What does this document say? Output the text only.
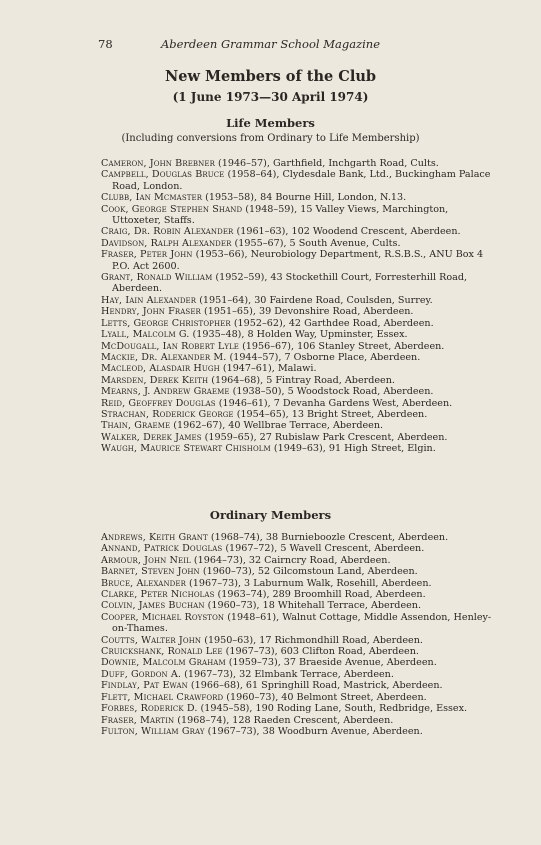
78	Aberdeen Grammar School Magazine
New Members of the Club
(1 June 1973—30 April 1974)
Life Members
(Including conversions from Ordinary to Life Membership)
Cameron, John Brebner (1946–57), Garthfield, Inchgarth Road, Cults.
Campbell, Douglas Bruce (1958–64), Clydesdale Bank, Ltd., Buckingham Palace
Road, London.
Clubb, Ian Mcmaster (1953–58), 84 Bourne Hill, London, N.13.
Cook, George Stephen Shand (1948–59), 15 Valley Views, Marchington,
Uttoxeter, Staffs.
Craig, Dr. Robin Alexander (1961–63), 102 Woodend Crescent, Aberdeen.
Davidson, Ralph Alexander (1955–67), 5 South Avenue, Cults.
Fraser, Peter John (1953–66), Neurobiology Department, R.S.B.S., ANU Box 4
P.O. Act 2600.
Grant, Ronald William (1952–59), 43 Stockethill Court, Forresterhill Road,
Aberdeen.
Hay, Iain Alexander (1951–64), 30 Fairdene Road, Coulsden, Surrey.
Hendry, John Fraser (1951–65), 39 Devonshire Road, Aberdeen.
Letts, George Christopher (1952–62), 42 Garthdee Road, Aberdeen.
Lyall, Malcolm G. (1935–48), 8 Holden Way, Upminster, Essex.
McDougall, Ian Robert Lyle (1956–67), 106 Stanley Street, Aberdeen.
Mackie, Dr. Alexander M. (1944–57), 7 Osborne Place, Aberdeen.
Macleod, Alasdair Hugh (1947–61), Malawi.
Marsden, Derek Keith (1964–68), 5 Fintray Road, Aberdeen.
Mearns, J. Andrew Graeme (1938–50), 5 Woodstock Road, Aberdeen.
Reid, Geoffrey Douglas (1946–61), 7 Devanha Gardens West, Aberdeen.
Strachan, Roderick George (1954–65), 13 Bright Street, Aberdeen.
Thain, Graeme (1962–67), 40 Wellbrae Terrace, Aberdeen.
Walker, Derek James (1959–65), 27 Rubislaw Park Crescent, Aberdeen.
Waugh, Maurice Stewart Chisholm (1949–63), 91 High Street, Elgin.
Ordinary Members
Andrews, Keith Grant (1968–74), 38 Burnieboozle Crescent, Aberdeen.
Annand, Patrick Douglas (1967–72), 5 Wavell Crescent, Aberdeen.
Armour, John Neil (1964–73), 32 Cairncry Road, Aberdeen.
Barnet, Steven John (1960–73), 52 Gilcomstoun Land, Aberdeen.
Bruce, Alexander (1967–73), 3 Laburnum Walk, Rosehill, Aberdeen.
Clarke, Peter Nicholas (1963–74), 289 Broomhill Road, Aberdeen.
Colvin, James Buchan (1960–73), 18 Whitehall Terrace, Aberdeen.
Cooper, Michael Royston (1948–61), Walnut Cottage, Middle Assendon, Henley-
on-Thames.
Coutts, Walter John (1950–63), 17 Richmondhill Road, Aberdeen.
Cruickshank, Ronald Lee (1967–73), 603 Clifton Road, Aberdeen.
Downie, Malcolm Graham (1959–73), 37 Braeside Avenue, Aberdeen.
Duff, Gordon A. (1967–73), 32 Elmbank Terrace, Aberdeen.
Findlay, Pat Ewan (1966–68), 61 Springhill Road, Mastrick, Aberdeen.
Flett, Michael Crawford (1960–73), 40 Belmont Street, Aberdeen.
Forbes, Roderick D. (1945–58), 190 Roding Lane, South, Redbridge, Essex.
Fraser, Martin (1968–74), 128 Raeden Crescent, Aberdeen.
Fulton, William Gray (1967–73), 38 Woodburn Avenue, Aberdeen.
